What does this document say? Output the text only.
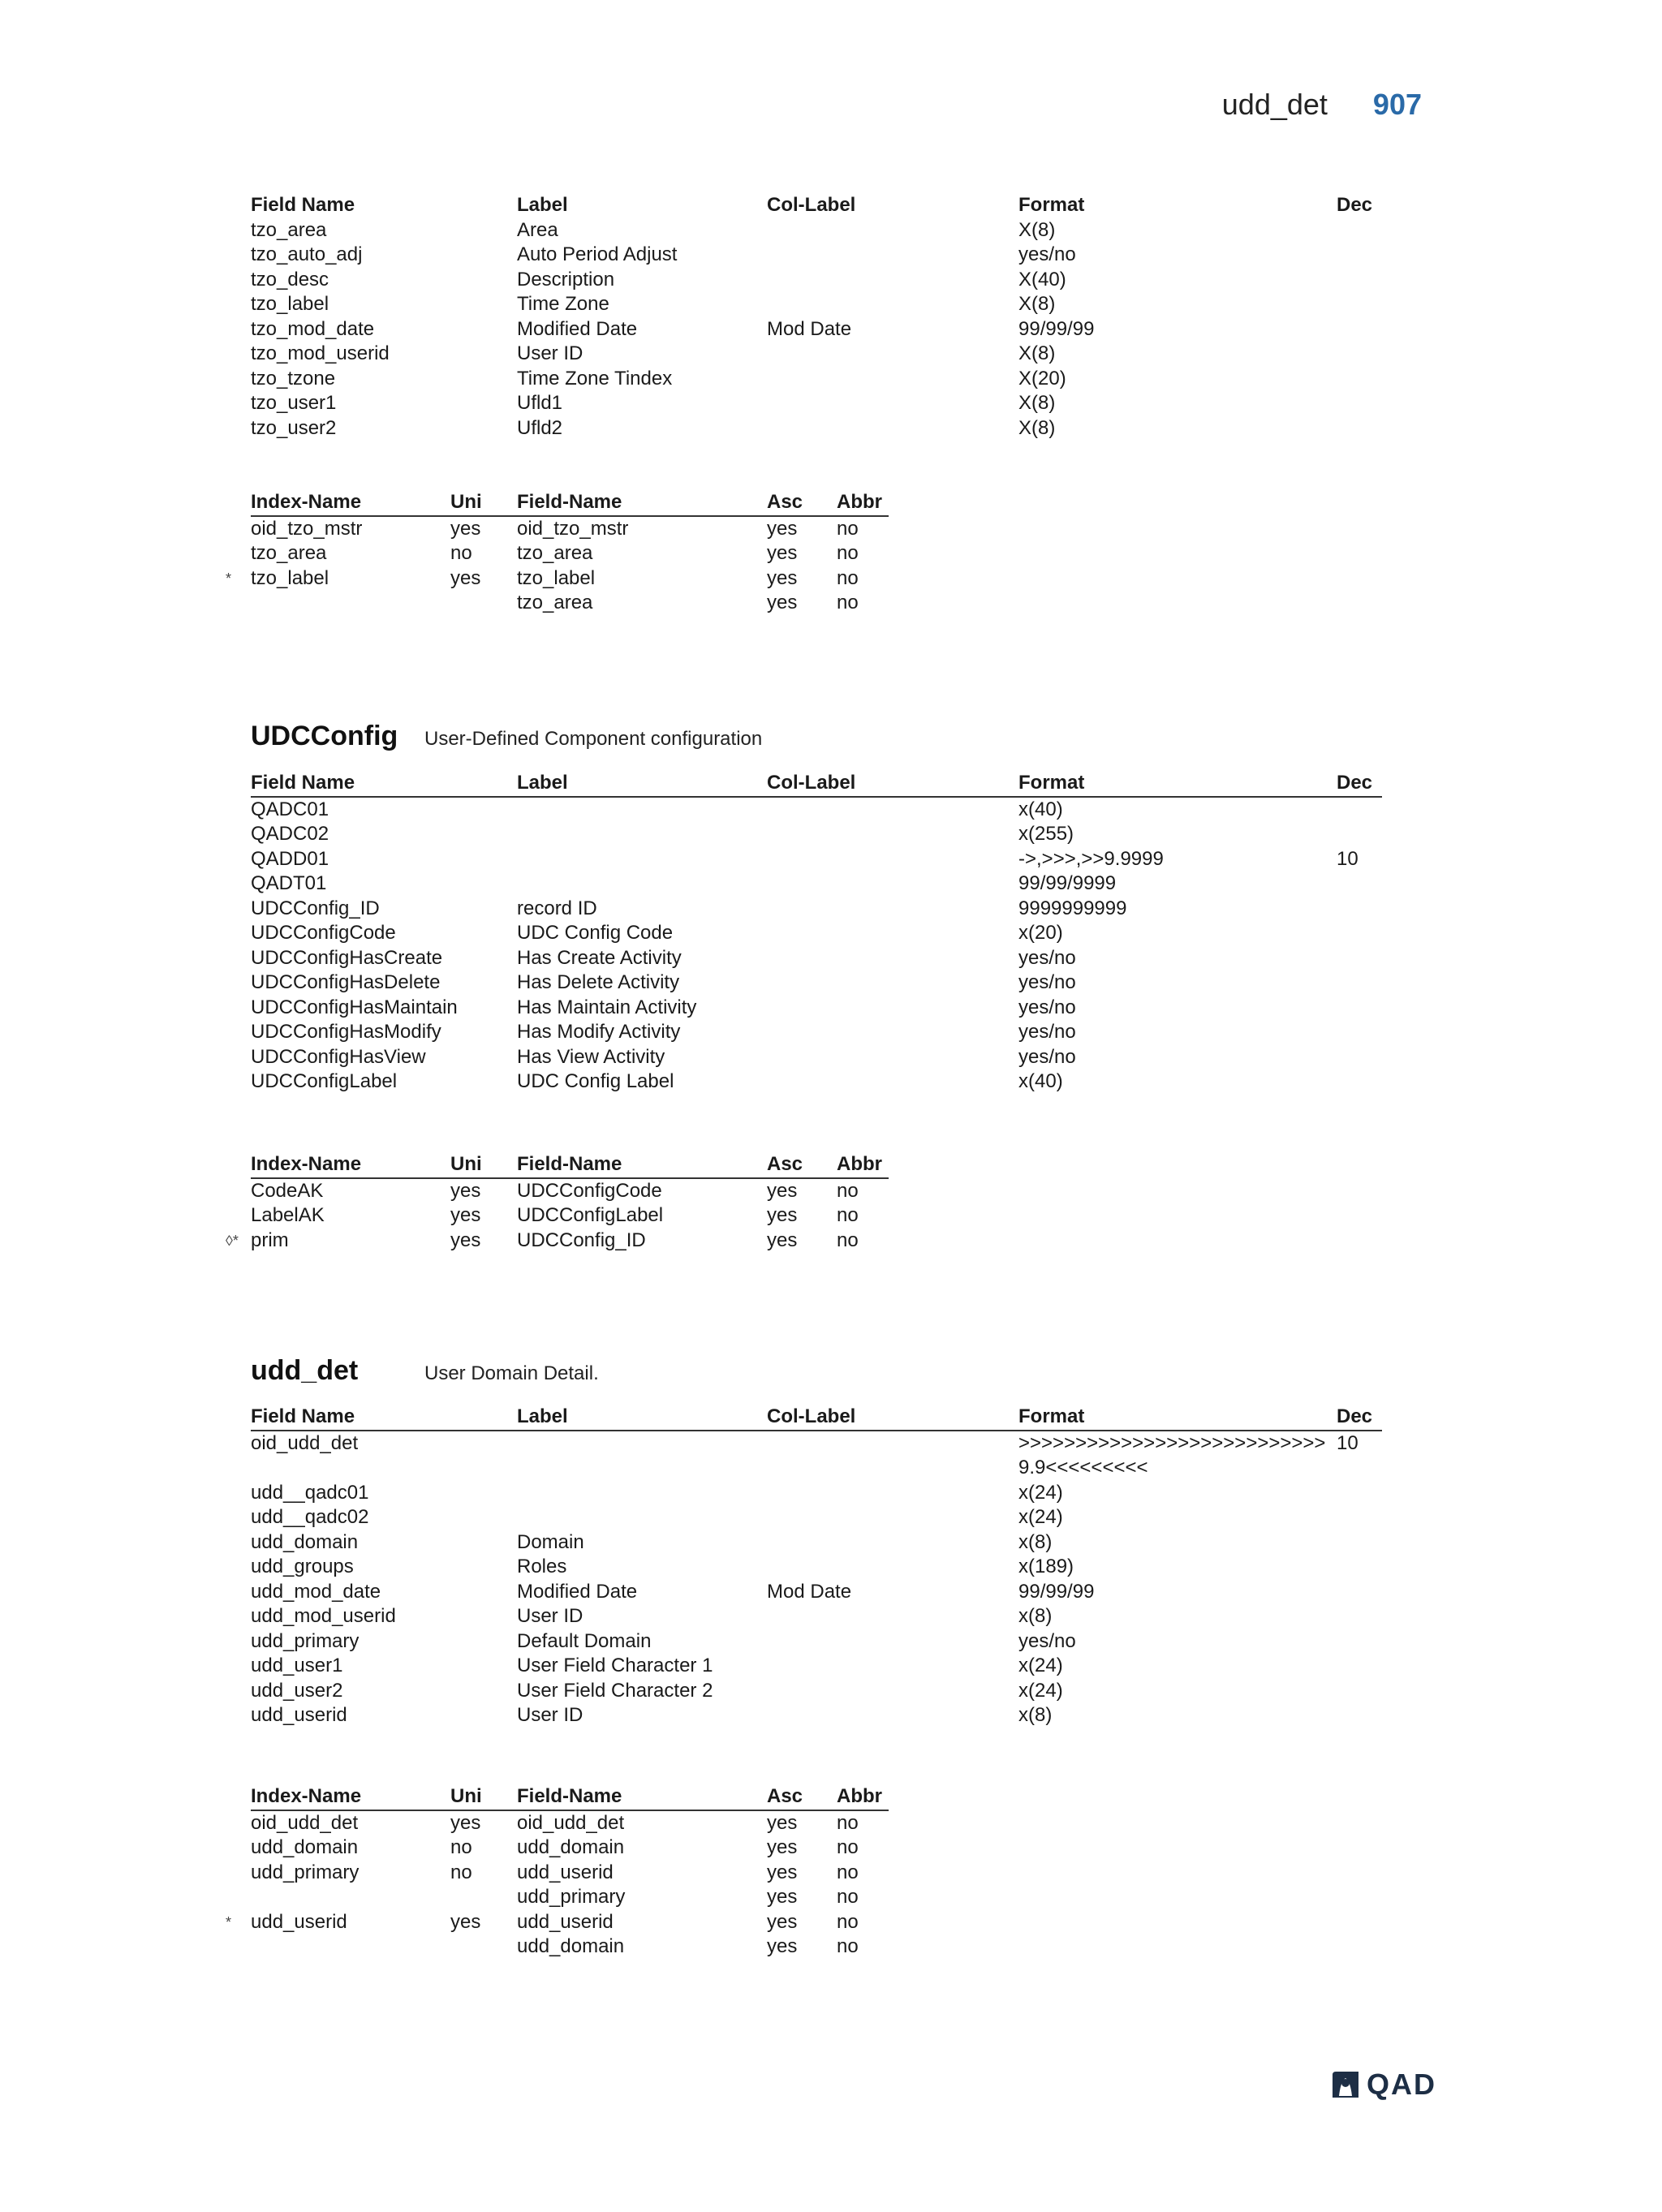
udd_det 907
	Field Name	Label	Col-Label	Format	Dec
	tzo_area	Area		X(8)	
	tzo_auto_adj	Auto Period Adjust		yes/no	
	tzo_desc	Description		X(40)	
	tzo_label	Time Zone		X(8)	
	tzo_mod_date	Modified Date	Mod Date	99/99/99	
	tzo_mod_userid	User ID		X(8)	
	tzo_tzone	Time Zone Tindex		X(20)	
	tzo_user1	Ufld1		X(8)	
	tzo_user2	Ufld2		X(8)	
	Index-Name	Uni	Field-Name	Asc	Abbr
	oid_tzo_mstr	yes	oid_tzo_mstr	yes	no
	tzo_area	no	tzo_area	yes	no
*	tzo_label	yes	tzo_label	yes	no
			tzo_area	yes	no
UDCConfig	User-Defined Component configuration
	Field Name	Label	Col-Label	Format	Dec
	QADC01			x(40)	
	QADC02			x(255)	
	QADD01			->,>>>,>>9.9999	10
	QADT01			99/99/9999	
	UDCConfig_ID	record ID		9999999999	
	UDCConfigCode	UDC Config Code		x(20)	
	UDCConfigHasCreate	Has Create Activity		yes/no	
	UDCConfigHasDelete	Has Delete Activity		yes/no	
	UDCConfigHasMaintain	Has Maintain Activity		yes/no	
	UDCConfigHasModify	Has Modify Activity		yes/no	
	UDCConfigHasView	Has View Activity		yes/no	
	UDCConfigLabel	UDC Config Label		x(40)	
	Index-Name	Uni	Field-Name	Asc	Abbr
	CodeAK	yes	UDCConfigCode	yes	no
	LabelAK	yes	UDCConfigLabel	yes	no
◊*	prim	yes	UDCConfig_ID	yes	no
udd_det	User Domain Detail.
	Field Name	Label	Col-Label	Format	Dec
	oid_udd_det			>>>>>>>>>>>>>>>>>>>>>>>>>>>9.9<<<<<<<<<	10
	udd__qadc01			x(24)	
	udd__qadc02			x(24)	
	udd_domain	Domain		x(8)	
	udd_groups	Roles		x(189)	
	udd_mod_date	Modified Date	Mod Date	99/99/99	
	udd_mod_userid	User ID		x(8)	
	udd_primary	Default Domain		yes/no	
	udd_user1	User Field Character 1		x(24)	
	udd_user2	User Field Character 2		x(24)	
	udd_userid	User ID		x(8)	
	Index-Name	Uni	Field-Name	Asc	Abbr
	oid_udd_det	yes	oid_udd_det	yes	no
	udd_domain	no	udd_domain	yes	no
	udd_primary	no	udd_userid	yes	no
			udd_primary	yes	no
*	udd_userid	yes	udd_userid	yes	no
			udd_domain	yes	no
QAD
